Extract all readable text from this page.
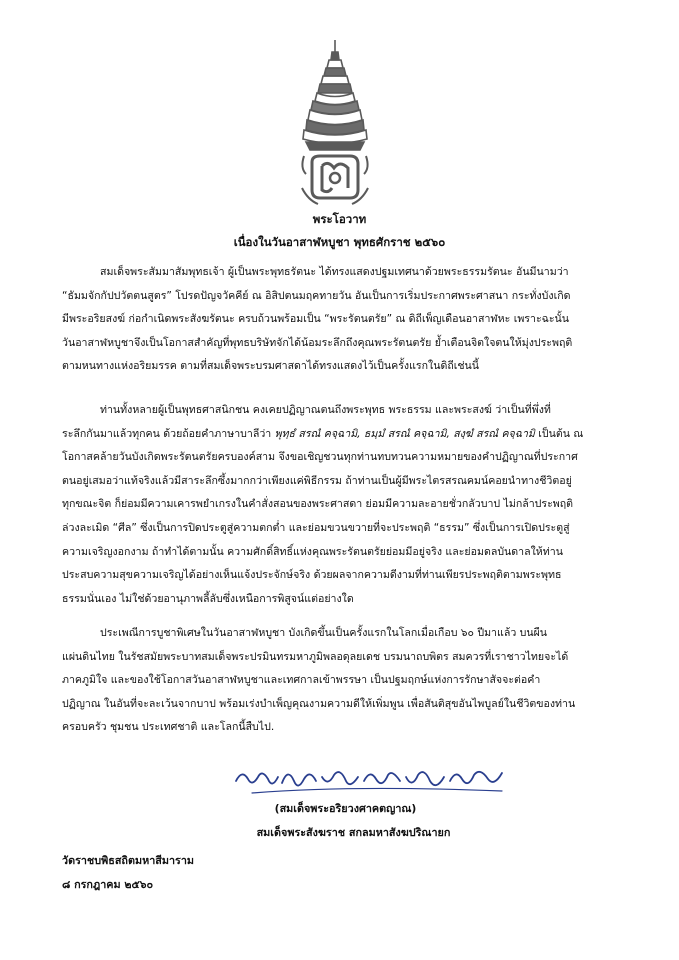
พระโอวาท
เนื่องในวันอาสาฬหบูชา พุทธศักราช ๒๕๖๐
สมเด็จพระสัมมาสัมพุทธเจ้า ผู้เป็นพระพุทธรัตนะ ได้ทรงแสดงปฐมเทศนาด้วยพระธรรมรัตนะ อันมีนามว่า
“ธัมมจักกัปปวัตตนสูตร” โปรดปัญจวัคคีย์ ณ อิสิปตนมฤคทายวัน อันเป็นการเริ่มประกาศพระศาสนา กระทั่งบังเกิด
มีพระอริยสงฆ์ ก่อกำเนิดพระสังฆรัตนะ ครบถ้วนพร้อมเป็น “พระรัตนตรัย” ณ ดิถีเพ็ญเดือนอาสาฬหะ เพราะฉะนั้น
วันอาสาฬหบูชาจึงเป็นโอกาสสำคัญที่พุทธบริษัทจักได้น้อมระลึกถึงคุณพระรัตนตรัย ย้ำเตือนจิตใจตนให้มุ่งประพฤติ
ตามหนทางแห่งอริยมรรค ตามที่สมเด็จพระบรมศาสดาได้ทรงแสดงไว้เป็นครั้งแรกในดิถีเช่นนี้
ท่านทั้งหลายผู้เป็นพุทธศาสนิกชน คงเคยปฏิญาณตนถึงพระพุทธ พระธรรม และพระสงฆ์ ว่าเป็นที่พึ่งที่
ระลึกกันมาแล้วทุกคน ด้วยถ้อยคำภาษาบาลีว่า พุทฺธํ สรณํ คจฺฉามิ, ธมฺมํ สรณํ คจฺฉามิ, สงฺฆํ สรณํ คจฺฉามิ เป็นต้น ณ
โอกาสคล้ายวันบังเกิดพระรัตนตรัยครบองค์สาม จึงขอเชิญชวนทุกท่านทบทวนความหมายของคำปฏิญาณที่ประกาศ
ตนอยู่เสมอว่าแท้จริงแล้วมีสาระลึกซึ้งมากกว่าเพียงแค่พิธีกรรม ถ้าท่านเป็นผู้มีพระไตรสรณคมน์คอยนำทางชีวิตอยู่
ทุกขณะจิต ก็ย่อมมีความเคารพยำเกรงในคำสั่งสอนของพระศาสดา ย่อมมีความละอายชั่วกลัวบาป ไม่กล้าประพฤติ
ล่วงละเมิด “ศีล” ซึ่งเป็นการปิดประตูสู่ความตกต่ำ และย่อมขวนขวายที่จะประพฤติ “ธรรม” ซึ่งเป็นการเปิดประตูสู่
ความเจริญงอกงาม ถ้าทำได้ตามนั้น ความศักดิ์สิทธิ์แห่งคุณพระรัตนตรัยย่อมมีอยู่จริง และย่อมดลบันดาลให้ท่าน
ประสบความสุขความเจริญได้อย่างเห็นแจ้งประจักษ์จริง ด้วยผลจากความดีงามที่ท่านเพียรประพฤติตามพระพุทธ
ธรรมนั่นเอง ไม่ใช่ด้วยอานุภาพลี้ลับซึ่งเหนือการพิสูจน์แต่อย่างใด
ประเพณีการบูชาพิเศษในวันอาสาฬหบูชา บังเกิดขึ้นเป็นครั้งแรกในโลกเมื่อเกือบ ๖๐ ปีมาแล้ว บนผืน
แผ่นดินไทย ในรัชสมัยพระบาทสมเด็จพระปรมินทรมหาภูมิพลอดุลยเดช บรมนาถบพิตร สมควรที่เราชาวไทยจะได้
ภาคภูมิใจ และของใช้โอกาสวันอาสาฬหบูชาและเทศกาลเข้าพรรษา เป็นปฐมฤกษ์แห่งการรักษาสัจจะต่อคำ
ปฏิญาณ ในอันที่จะละเว้นจากบาป พร้อมเร่งบำเพ็ญคุณงามความดีให้เพิ่มพูน เพื่อสันติสุขอันไพบูลย์ในชีวิตของท่าน
ครอบครัว ชุมชน ประเทศชาติ และโลกนี้สืบไป.
(สมเด็จพระอริยวงศาคตญาณ)
สมเด็จพระสังฆราช สกลมหาสังฆปริณายก
วัดราชบพิธสถิตมหาสีมาราม
๘ กรกฎาคม ๒๕๖๐
